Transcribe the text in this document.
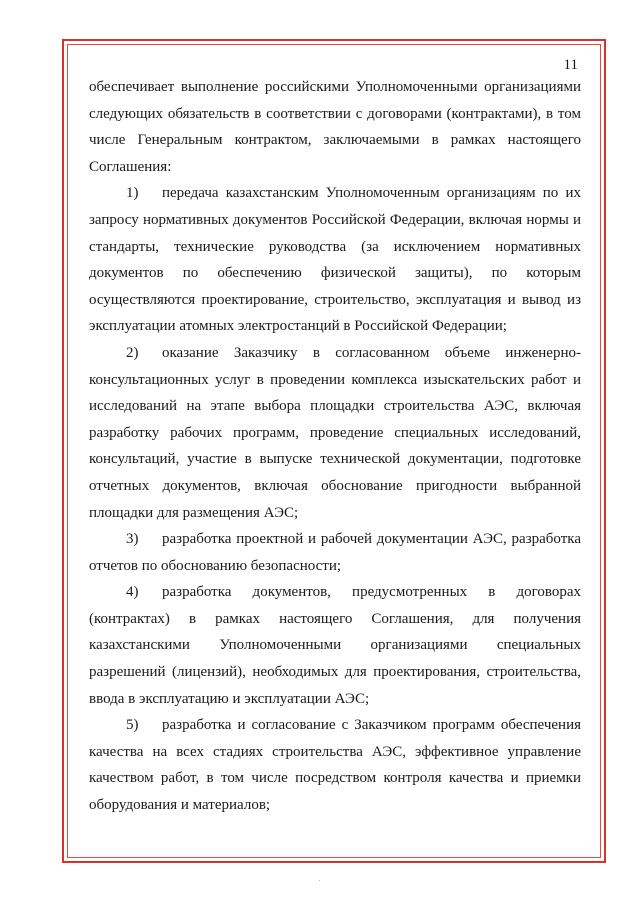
11

обеспечивает выполнение российскими Уполномоченными организациями следующих обязательств в соответствии с договорами (контрактами), в том числе Генеральным контрактом, заключаемыми в рамках настоящего Соглашения:

1) передача казахстанским Уполномоченным организациям по их запросу нормативных документов Российской Федерации, включая нормы и стандарты, технические руководства (за исключением нормативных документов по обеспечению физической защиты), по которым осуществляются проектирование, строительство, эксплуатация и вывод из эксплуатации атомных электростанций в Российской Федерации;

2) оказание Заказчику в согласованном объеме инженерно-консультационных услуг в проведении комплекса изыскательских работ и исследований на этапе выбора площадки строительства АЭС, включая разработку рабочих программ, проведение специальных исследований, консультаций, участие в выпуске технической документации, подготовке отчетных документов, включая обоснование пригодности выбранной площадки для размещения АЭС;

3) разработка проектной и рабочей документации АЭС, разработка отчетов по обоснованию безопасности;

4) разработка документов, предусмотренных в договорах (контрактах) в рамках настоящего Соглашения, для получения казахстанскими Уполномоченными организациями специальных разрешений (лицензий), необходимых для проектирования, строительства, ввода в эксплуатацию и эксплуатации АЭС;

5) разработка и согласование с Заказчиком программ обеспечения качества на всех стадиях строительства АЭС, эффективное управление качеством работ, в том числе посредством контроля качества и приемки оборудования и материалов;
